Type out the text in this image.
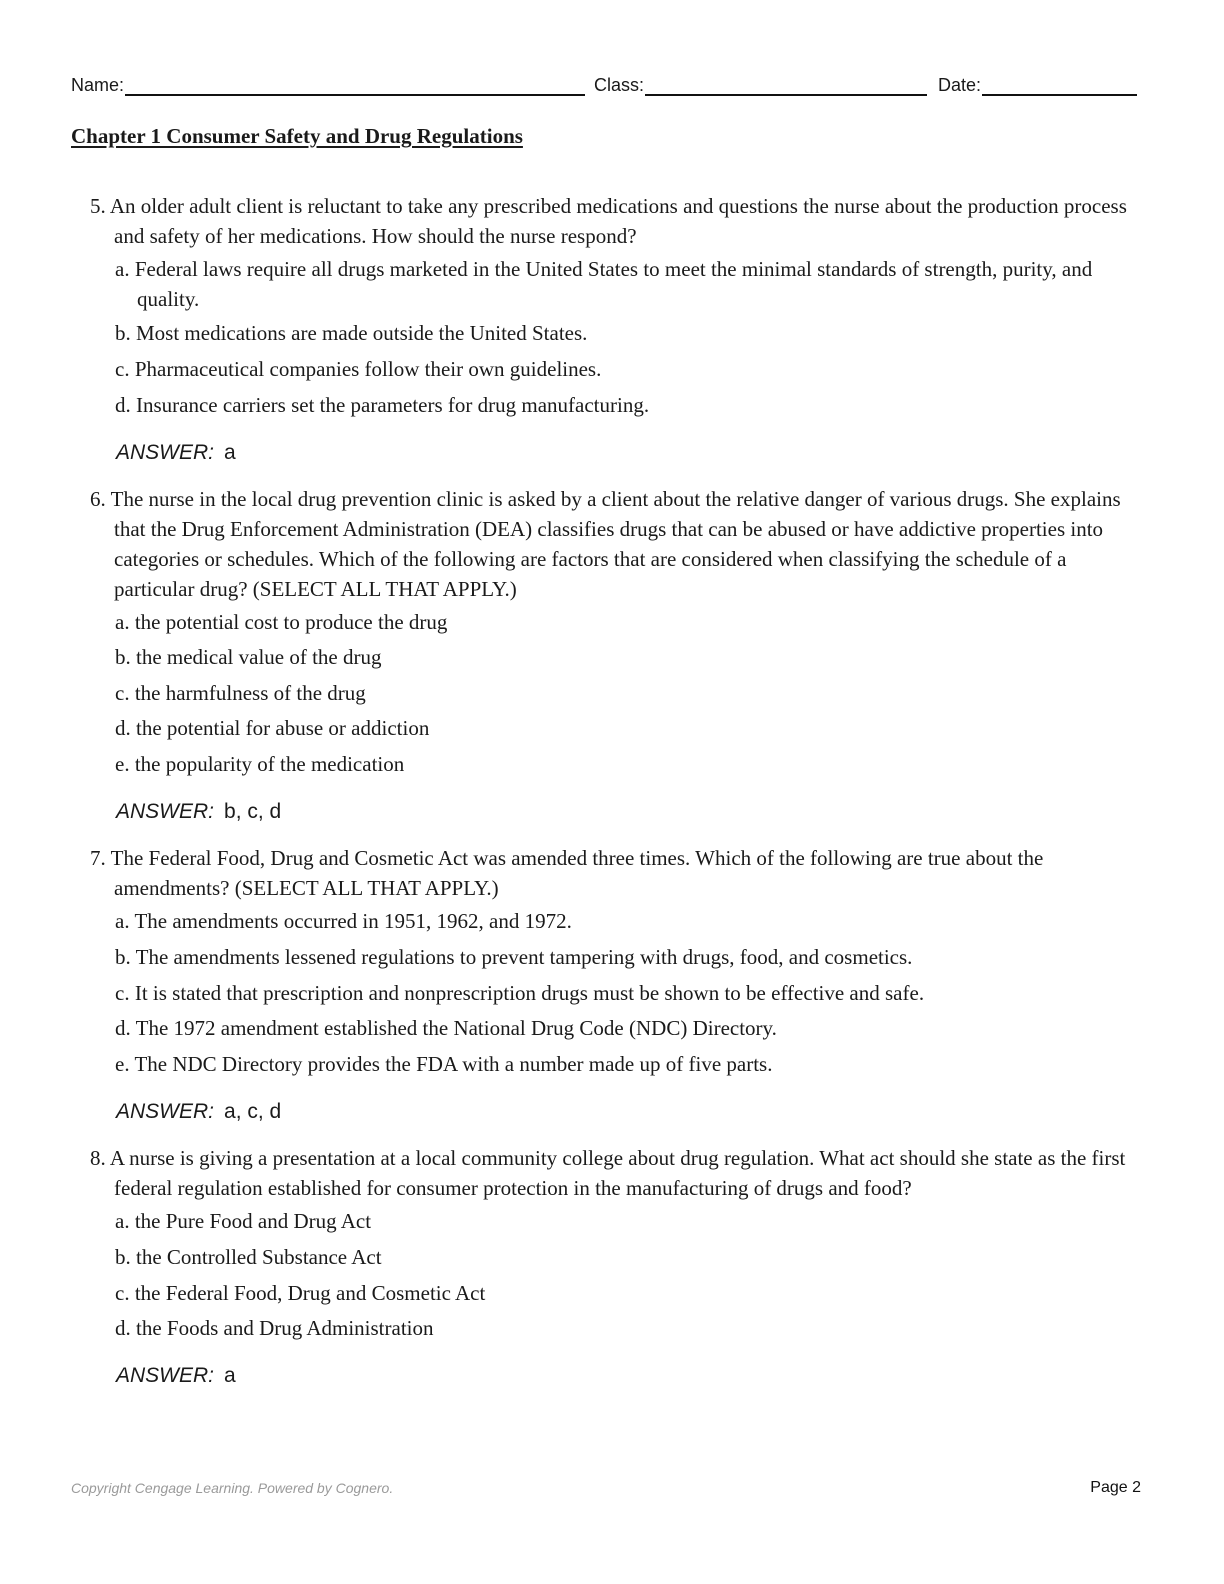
Name:	Class:	Date:
Chapter 1 Consumer Safety and Drug Regulations

5. An older adult client is reluctant to take any prescribed medications and questions the nurse about the production process and safety of her medications. How should the nurse respond?

a. Federal laws require all drugs marketed in the United States to meet the minimal standards of strength, purity, and quality.
b. Most medications are made outside the United States.
c. Pharmaceutical companies follow their own guidelines.
d. Insurance carriers set the parameters for drug manufacturing.
ANSWER: a

6. The nurse in the local drug prevention clinic is asked by a client about the relative danger of various drugs. She explains that the Drug Enforcement Administration (DEA) classifies drugs that can be abused or have addictive properties into categories or schedules. Which of the following are factors that are considered when classifying the schedule of a particular drug? (SELECT ALL THAT APPLY.)

a. the potential cost to produce the drug
b. the medical value of the drug
c. the harmfulness of the drug
d. the potential for abuse or addiction
e. the popularity of the medication
ANSWER: b, c, d

7. The Federal Food, Drug and Cosmetic Act was amended three times. Which of the following are true about the amendments? (SELECT ALL THAT APPLY.)

a. The amendments occurred in 1951, 1962, and 1972.
b. The amendments lessened regulations to prevent tampering with drugs, food, and cosmetics.
c. It is stated that prescription and nonprescription drugs must be shown to be effective and safe.
d. The 1972 amendment established the National Drug Code (NDC) Directory.
e. The NDC Directory provides the FDA with a number made up of five parts.
ANSWER: a, c, d

8. A nurse is giving a presentation at a local community college about drug regulation. What act should she state as the first federal regulation established for consumer protection in the manufacturing of drugs and food?

a. the Pure Food and Drug Act
b. the Controlled Substance Act
c. the Federal Food, Drug and Cosmetic Act
d. the Foods and Drug Administration
ANSWER: a
Copyright Cengage Learning. Powered by Cognero.	Page 2
